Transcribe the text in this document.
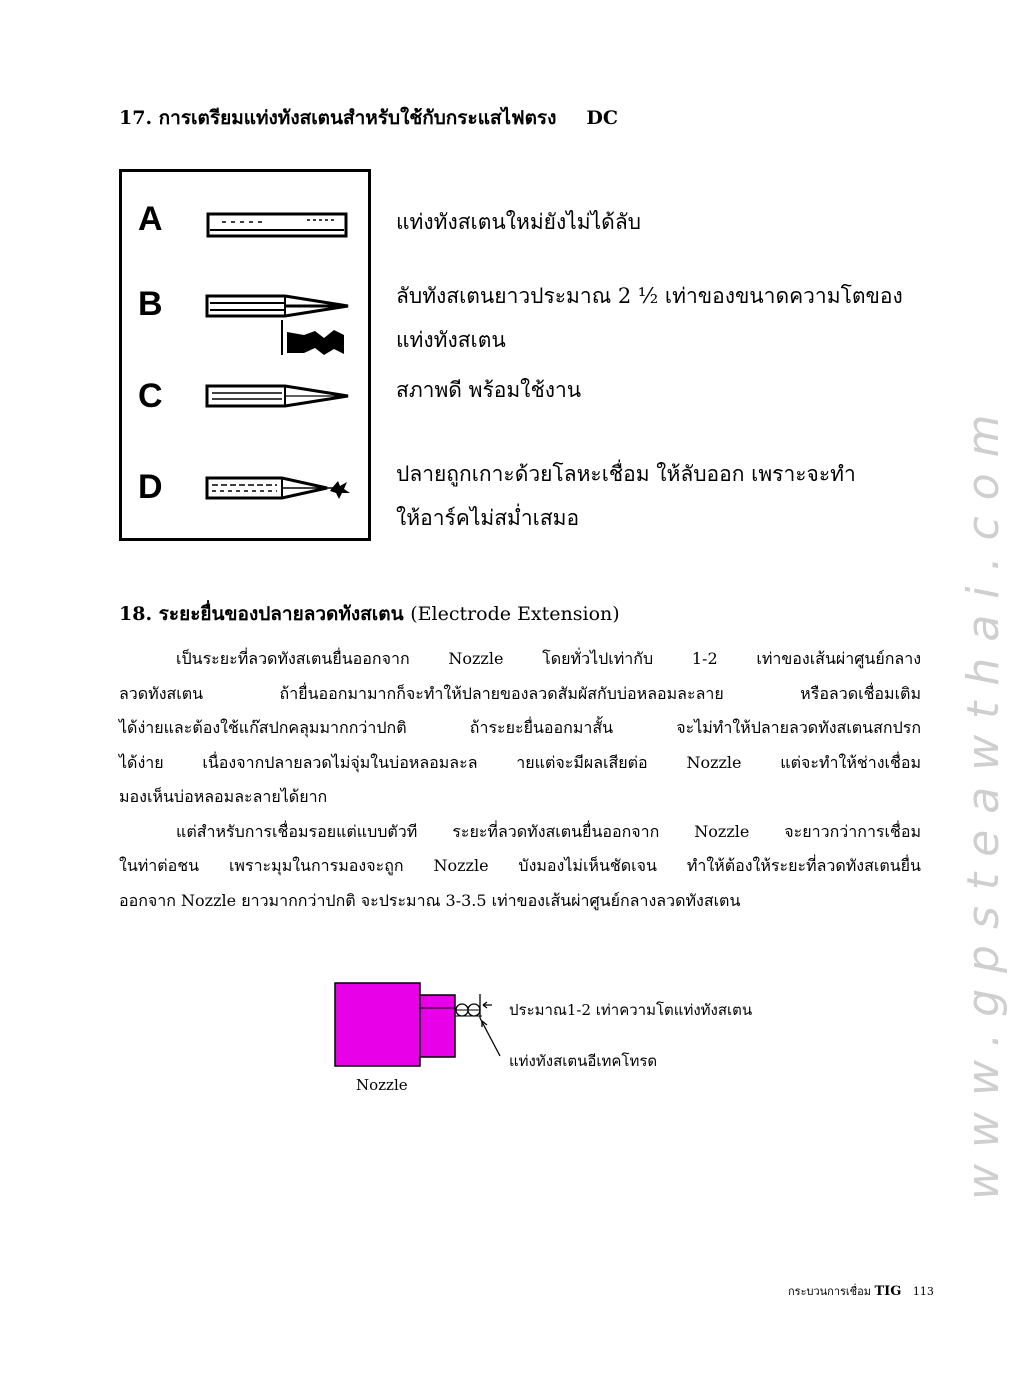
17. การเตรียมแท่งทังสเตนสำหรับใช้กับกระแสไฟตรง DC
A
B
C
D
แท่งทังสเตนใหม่ยังไม่ได้ลับ
ลับทังสเตนยาวประมาณ 2 ½ เท่าของขนาดความโตของ
แท่งทังสเตน
สภาพดี พร้อมใช้งาน
ปลายถูกเกาะด้วยโลหะเชื่อม ให้ลับออก เพราะจะทำ
ให้อาร์คไม่สม่ำเสมอ
18. ระยะยื่นของปลายลวดทังสเตน (Electrode Extension)

เป็นระยะที่ลวดทังสเตนยื่นออกจาก Nozzle โดยทั่วไปเท่ากับ 1-2 เท่าของเส้นผ่าศูนย์กลาง

ลวดทังสเตน ถ้ายื่นออกมามากก็จะทำให้ปลายของลวดสัมผัสกับบ่อหลอมละลาย หรือลวดเชื่อมเติม

ได้ง่ายและต้องใช้แก๊สปกคลุมมากกว่าปกติ ถ้าระยะยื่นออกมาสั้น จะไม่ทำให้ปลายลวดทังสเตนสกปรก

ได้ง่าย เนื่องจากปลายลวดไม่จุ่มในบ่อหลอมละล ายแต่จะมีผลเสียต่อ Nozzle แต่จะทำให้ช่างเชื่อม

มองเห็นบ่อหลอมละลายได้ยาก

แต่สำหรับการเชื่อมรอยแต่แบบตัวที ระยะที่ลวดทังสเตนยื่นออกจาก Nozzle จะยาวกว่าการเชื่อม

ในท่าต่อชน เพราะมุมในการมองจะถูก Nozzle บังมองไม่เห็นชัดเจน ทำให้ต้องให้ระยะที่ลวดทังสเตนยื่น

ออกจาก Nozzle ยาวมากกว่าปกติ จะประมาณ 3-3.5 เท่าของเส้นผ่าศูนย์กลางลวดทังสเตน

ประมาณ1-2 เท่าความโตแท่งทังสเตน
แท่งทังสเตนอีเทคโทรด
Nozzle	www.gpsteawthai.com
กระบวนการเชื่อม TIG 113
